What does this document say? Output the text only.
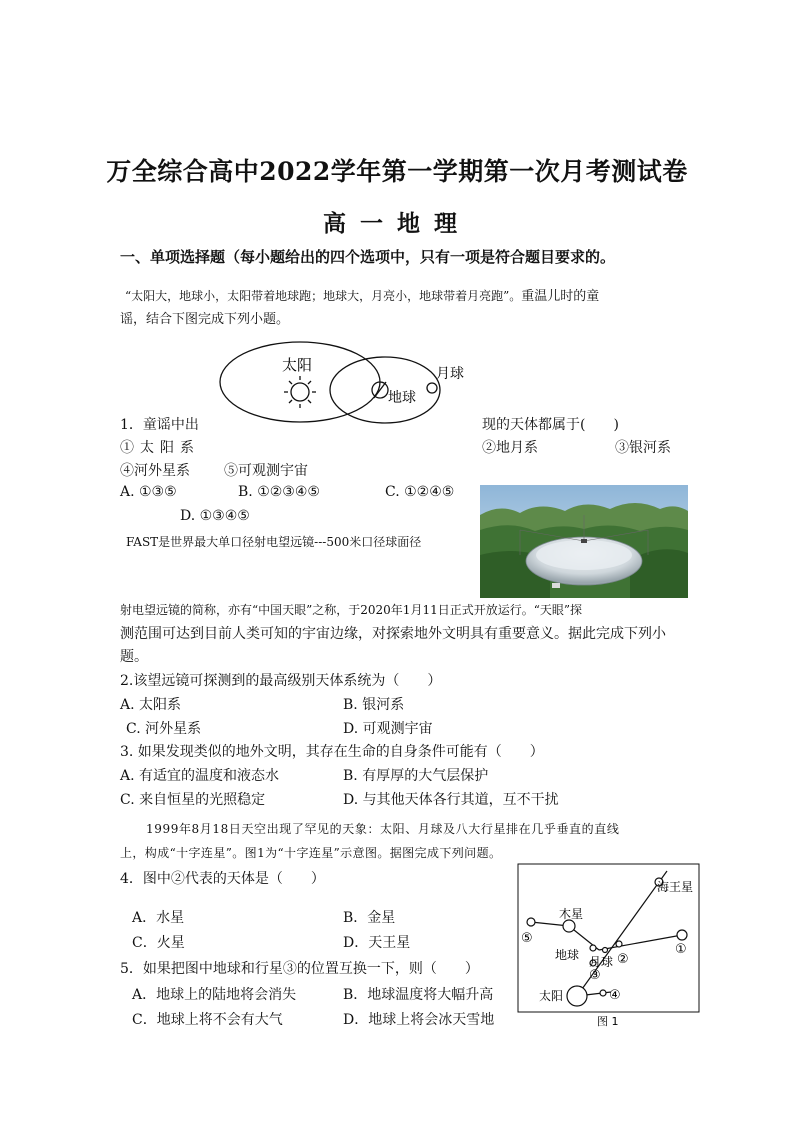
万全综合高中2022学年第一学期第一次月考测试卷
高一地理
一、单项选择题（每小题给出的四个选项中，只有一项是符合题目要求的。
“太阳大，地球小，太阳带着地球跑；地球大，月亮小，地球带着月亮跑”。重温儿时的童
谣，结合下图完成下列小题。
太阳
地球
月球
1．童谣中出	现的天体都属于(　　)
①太阳系	②地月系	③银河系
④河外星系 ⑤可观测宇宙
A. ①③⑤	B. ①②③④⑤	C. ①②④⑤
D. ①③④⑤
FAST是世界最大单口径射电望远镜---500米口径球面径
射电望远镜的简称，亦有“中国天眼”之称，于2020年1月11日正式开放运行。“天眼”探
测范围可达到目前人类可知的宇宙边缘，对探索地外文明具有重要意义。据此完成下列小
题。
2.该望远镜可探测到的最高级别天体系统为（　　）
A. 太阳系	B. 银河系
C. 河外星系	D. 可观测宇宙
3. 如果发现类似的地外文明，其存在生命的自身条件可能有（　　）
A. 有适宜的温度和液态水	B. 有厚厚的大气层保护
C. 来自恒星的光照稳定	D. 与其他天体各行其道，互不干扰
1999年8月18日天空出现了罕见的天象：太阳、月球及八大行星排在几乎垂直的直线
上，构成“十字连星”。图1为“十字连星”示意图。据图完成下列问题。
4．图中②代表的天体是（　　）
A．水星	B．金星
C．火星	D．天王星
5．如果把图中地球和行星③的位置互换一下，则（　　）
A．地球上的陆地将会消失	B．地球温度将大幅升高
C．地球上将不会有大气	D．地球上将会冰天雪地
海王星
木星
⑤
地球 月球 ②
①
③
太阳	④
图 1
